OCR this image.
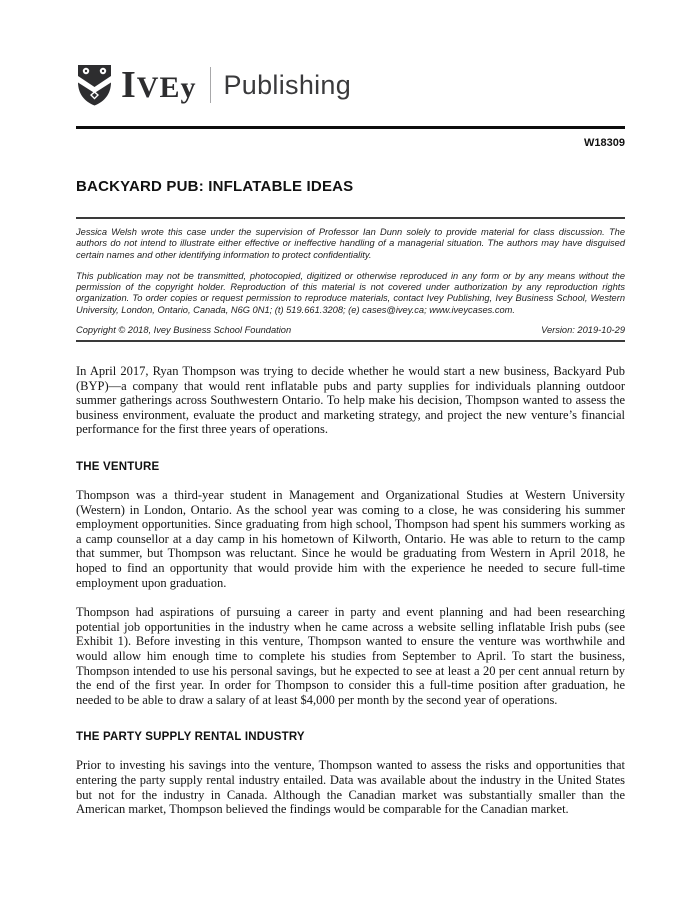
I VE y Publishing
W18309
BACKYARD PUB: INFLATABLE IDEAS

Jessica Welsh wrote this case under the supervision of Professor Ian Dunn solely to provide material for class discussion. The authors do not intend to illustrate either effective or ineffective handling of a managerial situation. The authors may have disguised certain names and other identifying information to protect confidentiality.

This publication may not be transmitted, photocopied, digitized or otherwise reproduced in any form or by any means without the permission of the copyright holder. Reproduction of this material is not covered under authorization by any reproduction rights organization. To order copies or request permission to reproduce materials, contact Ivey Publishing, Ivey Business School, Western University, London, Ontario, Canada, N6G 0N1; (t) 519.661.3208; (e) cases@ivey.ca; www.iveycases.com.

Copyright © 2018, Ivey Business School Foundation	Version: 2019-10-29

In April 2017, Ryan Thompson was trying to decide whether he would start a new business, Backyard Pub (BYP)—a company that would rent inflatable pubs and party supplies for individuals planning outdoor summer gatherings across Southwestern Ontario. To help make his decision, Thompson wanted to assess the business environment, evaluate the product and marketing strategy, and project the new venture’s financial performance for the first three years of operations.

THE VENTURE

Thompson was a third-year student in Management and Organizational Studies at Western University (Western) in London, Ontario. As the school year was coming to a close, he was considering his summer employment opportunities. Since graduating from high school, Thompson had spent his summers working as a camp counsellor at a day camp in his hometown of Kilworth, Ontario. He was able to return to the camp that summer, but Thompson was reluctant. Since he would be graduating from Western in April 2018, he hoped to find an opportunity that would provide him with the experience he needed to secure full-time employment upon graduation.

Thompson had aspirations of pursuing a career in party and event planning and had been researching potential job opportunities in the industry when he came across a website selling inflatable Irish pubs (see Exhibit 1). Before investing in this venture, Thompson wanted to ensure the venture was worthwhile and would allow him enough time to complete his studies from September to April. To start the business, Thompson intended to use his personal savings, but he expected to see at least a 20 per cent annual return by the end of the first year. In order for Thompson to consider this a full-time position after graduation, he needed to be able to draw a salary of at least $4,000 per month by the second year of operations.

THE PARTY SUPPLY RENTAL INDUSTRY

Prior to investing his savings into the venture, Thompson wanted to assess the risks and opportunities that entering the party supply rental industry entailed. Data was available about the industry in the United States but not for the industry in Canada. Although the Canadian market was substantially smaller than the American market, Thompson believed the findings would be comparable for the Canadian market.
